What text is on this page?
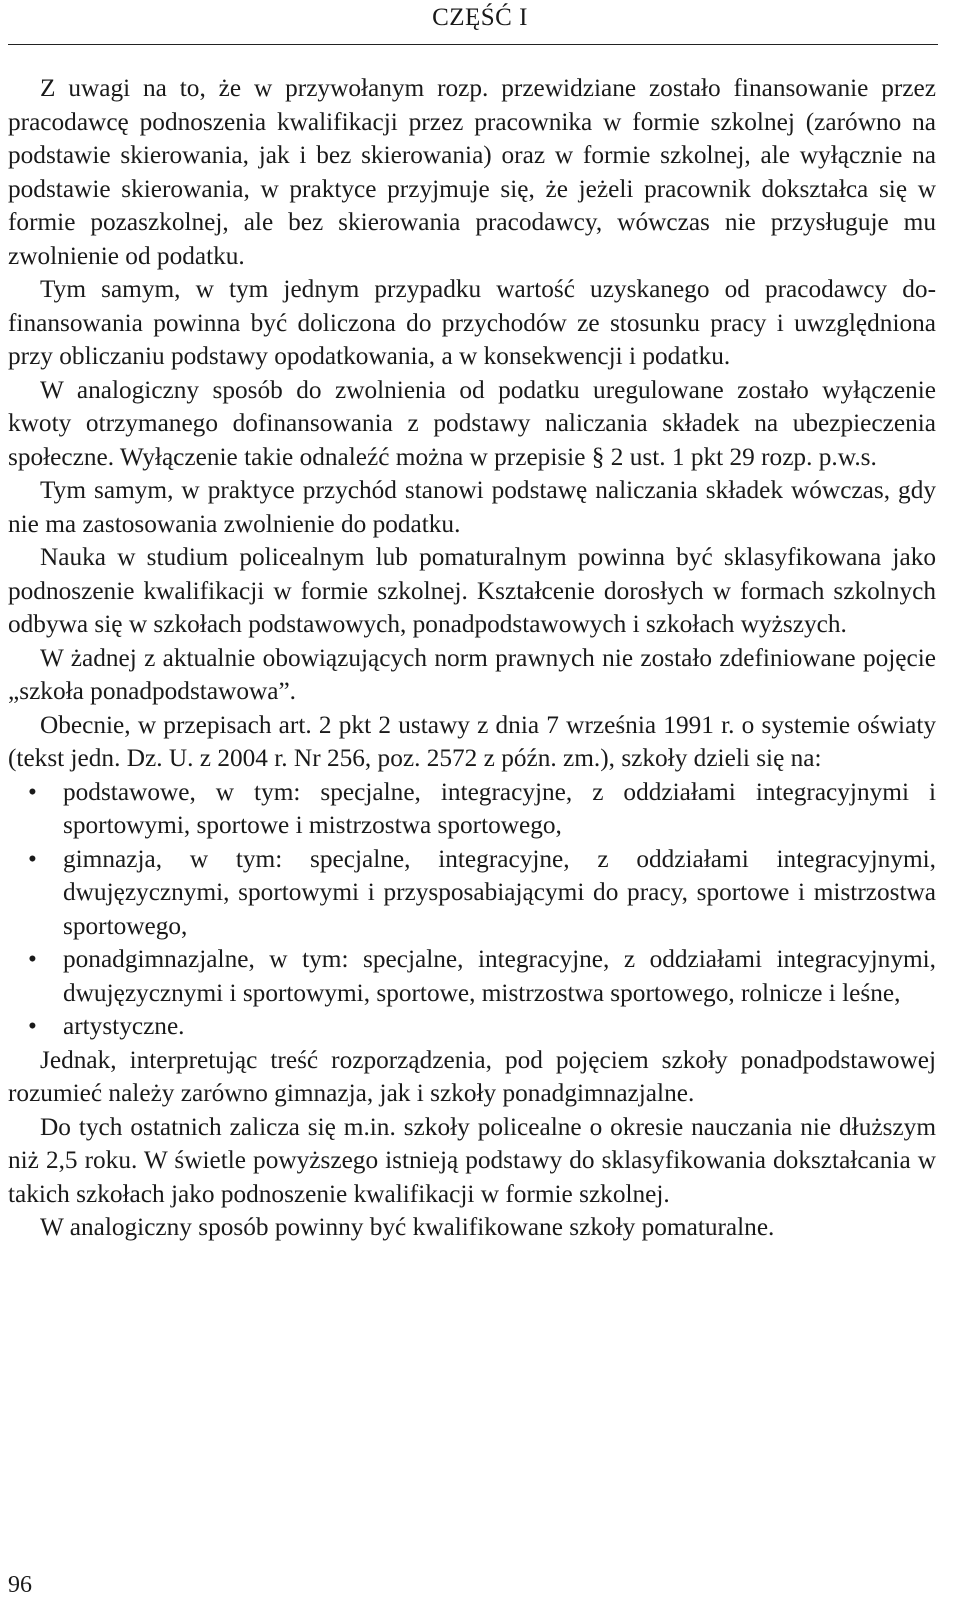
CZĘŚĆ I

Z uwagi na to, że w przywołanym rozp. przewidziane zostało finansowanie przez pracodawcę podnoszenia kwalifikacji przez pracownika w formie szkolnej (zarówno na podstawie skierowania, jak i bez skierowania) oraz w formie szkolnej, ale wyłącznie na podstawie skierowania, w praktyce przyjmuje się, że jeżeli pracownik dokształca się w formie pozaszkolnej, ale bez skierowania pracodawcy, wówczas nie przysługuje mu zwolnienie od podatku.

Tym samym, w tym jednym przypadku wartość uzyskanego od pracodawcy dofinansowania powinna być doliczona do przychodów ze stosunku pracy i uwzględniona przy obliczaniu podstawy opodatkowania, a w konsekwencji i podatku.

W analogiczny sposób do zwolnienia od podatku uregulowane zostało wyłączenie kwoty otrzymanego dofinansowania z podstawy naliczania składek na ubezpieczenia społeczne. Wyłączenie takie odnaleźć można w przepisie § 2 ust. 1 pkt 29 rozp. p.w.s.

Tym samym, w praktyce przychód stanowi podstawę naliczania składek wówczas, gdy nie ma zastosowania zwolnienie do podatku.

Nauka w studium policealnym lub pomaturalnym powinna być sklasyfikowana jako podnoszenie kwalifikacji w formie szkolnej. Kształcenie dorosłych w formach szkolnych odbywa się w szkołach podstawowych, ponadpodstawowych i szkołach wyższych.

W żadnej z aktualnie obowiązujących norm prawnych nie zostało zdefiniowane pojęcie „szkoła ponadpodstawowa”.

Obecnie, w przepisach art. 2 pkt 2 ustawy z dnia 7 września 1991 r. o systemie oświaty (tekst jedn. Dz. U. z 2004 r. Nr 256, poz. 2572 z późn. zm.), szkoły dzieli się na:

• podstawowe, w tym: specjalne, integracyjne, z oddziałami integracyjnymi i sportowymi, sportowe i mistrzostwa sportowego,
• gimnazja, w tym: specjalne, integracyjne, z oddziałami integracyjnymi, dwujęzycznymi, sportowymi i przysposabiającymi do pracy, sportowe i mistrzostwa sportowego,
• ponadgimnazjalne, w tym: specjalne, integracyjne, z oddziałami integracyjnymi, dwujęzycznymi i sportowymi, sportowe, mistrzostwa sportowego, rolnicze i leśne,
• artystyczne.

Jednak, interpretując treść rozporządzenia, pod pojęciem szkoły ponadpodstawowej rozumieć należy zarówno gimnazja, jak i szkoły ponadgimnazjalne.

Do tych ostatnich zalicza się m.in. szkoły policealne o okresie nauczania nie dłuższym niż 2,5 roku. W świetle powyższego istnieją podstawy do sklasyfikowania dokształcania w takich szkołach jako podnoszenie kwalifikacji w formie szkolnej.

W analogiczny sposób powinny być kwalifikowane szkoły pomaturalne.

96
